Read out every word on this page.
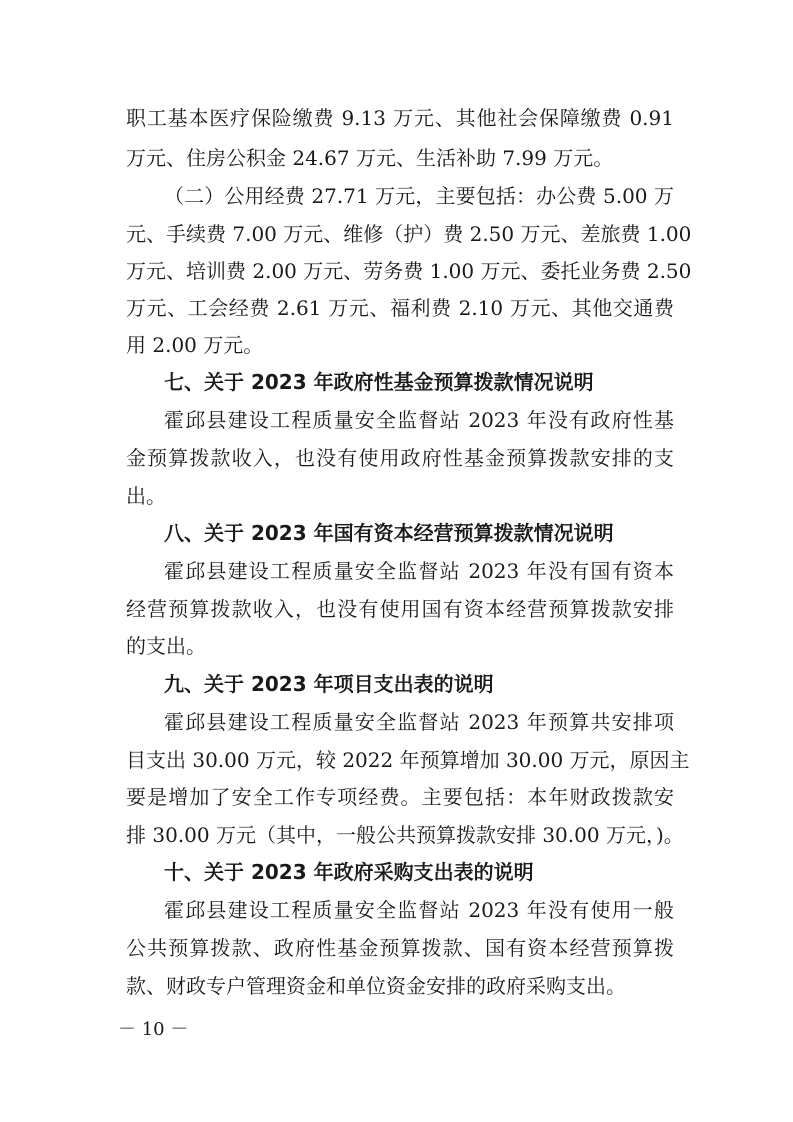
职工基本医疗保险缴费 9.13 万元、其他社会保障缴费 0.91
万元、住房公积金 24.67 万元、生活补助 7.99 万元。
（二）公用经费 27.71 万元，主要包括：办公费 5.00 万
元、手续费 7.00 万元、维修（护）费 2.50 万元、差旅费 1.00
万元、培训费 2.00 万元、劳务费 1.00 万元、委托业务费 2.50
万元、工会经费 2.61 万元、福利费 2.10 万元、其他交通费
用 2.00 万元。
七、关于 2023 年政府性基金预算拨款情况说明
霍邱县建设工程质量安全监督站 2023 年没有政府性基
金预算拨款收入，也没有使用政府性基金预算拨款安排的支
出。
八、关于 2023 年国有资本经营预算拨款情况说明
霍邱县建设工程质量安全监督站 2023 年没有国有资本
经营预算拨款收入，也没有使用国有资本经营预算拨款安排
的支出。
九、关于 2023 年项目支出表的说明
霍邱县建设工程质量安全监督站 2023 年预算共安排项
目支出 30.00 万元，较 2022 年预算增加 30.00 万元，原因主
要是增加了安全工作专项经费。主要包括：本年财政拨款安
排 30.00 万元（其中，一般公共预算拨款安排 30.00 万元，)。
十、关于 2023 年政府采购支出表的说明
霍邱县建设工程质量安全监督站 2023 年没有使用一般
公共预算拨款、政府性基金预算拨款、国有资本经营预算拨
款、财政专户管理资金和单位资金安排的政府采购支出。
－ 10 －
